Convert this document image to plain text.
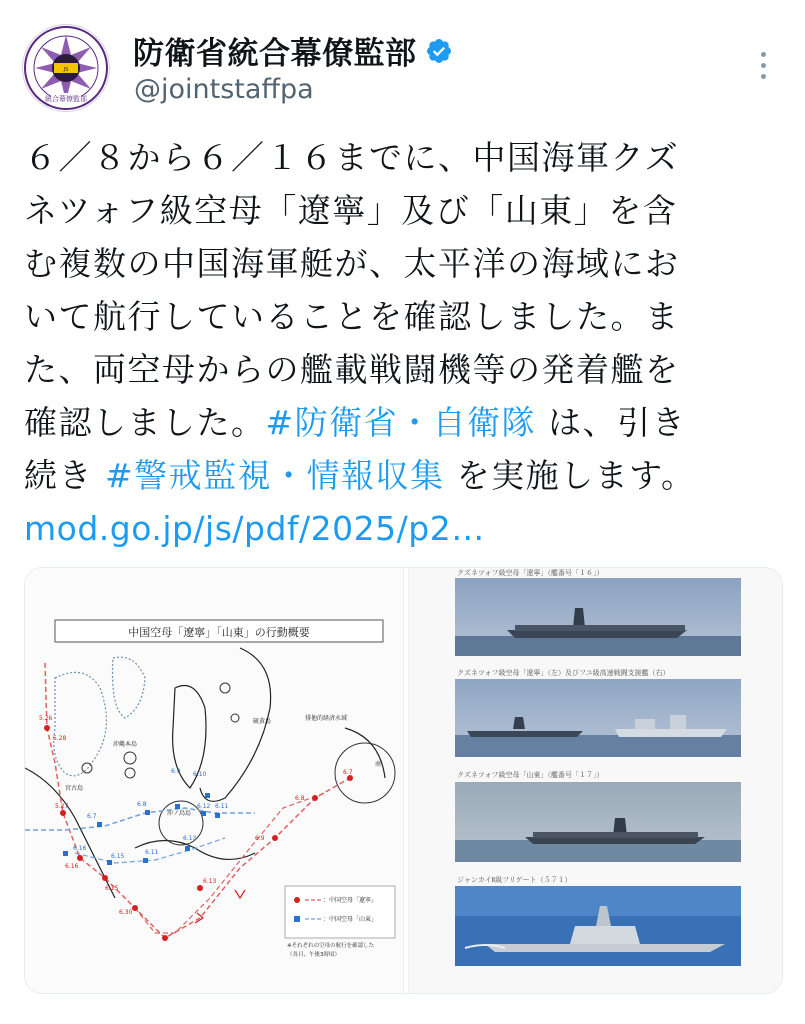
統合幕僚監部
JS 防衛省統合幕僚監部
@jointstaffpa
６／８から６／１６までに、中国海軍クズ
ネツォフ級空母「遼寧」及び「山東」を含
む複数の中国海軍艇が、太平洋の海域にお
いて航行していることを確認しました。ま
た、両空母からの艦載戦闘機等の発着艦を
確認しました。#防衛省・自衛隊 は、引き
続き #警戒監視・情報収集 を実施します。
mod.go.jp/js/pdf/2025/p2…
中国空母「遼寧」「山東」の行動概要
沖縄本島
宮古島
沖ノ鳥島
硫黄島	排他的経済水域
南
5.28
5.27
5.26
6.15
6.16
6.13
6.30
6.9
6.8
6.7
6.7
6.16
6.15
6.11
6.13
6.10
6.9
6.8	6.12 6.11
：中国空母「遼寧」
：中国空母「山東」
※それぞれの空母の航行を確認した
（各日、午後3時頃）
クズネツォフ級空母「遼寧」（艦番号「１６」）
クズネツォフ級空母「遼寧」（左）及びフユ級高速戦闘支援艦（右）
クズネツォフ級空母「山東」（艦番号「１７」）
ジャンカイⅡ級フリゲート（５７１）
